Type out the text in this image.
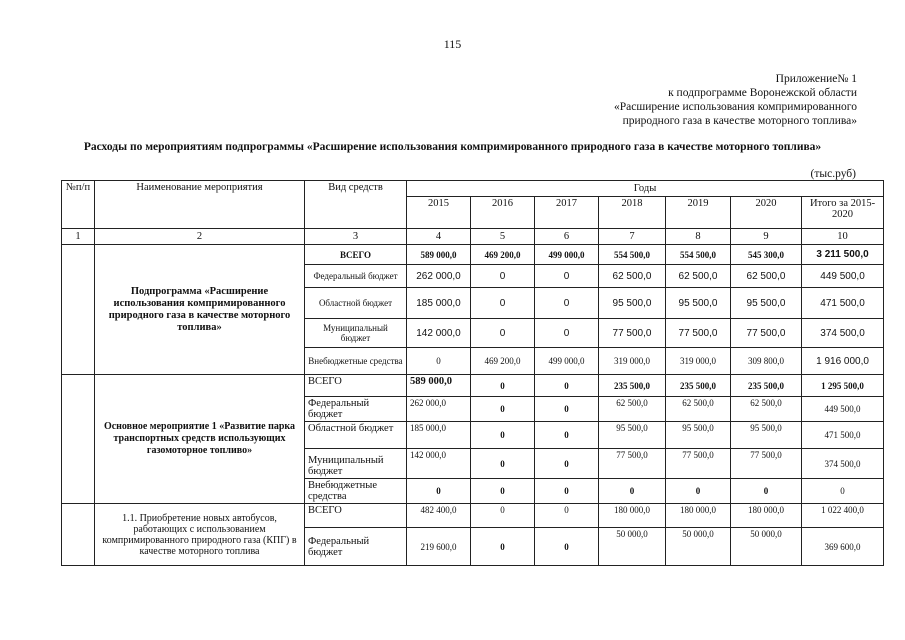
115
Приложение№ 1
к подпрограмме Воронежской области
«Расширение использования компримированного
природного газа в качестве моторного топлива»
Расходы по мероприятиям подпрограммы «Расширение использования компримированного природного газа в качестве моторного топлива»
(тыс.руб)
№п/п	Наименование мероприятия	Вид средств	Годы						
			2015	2016	2017	2018	2019	2020	Итого за 2015-2020
1	2	3	4	5	6	7	8	9	10
	Подпрограмма «Расширение использования компримированного природного газа в качестве моторного топлива»	ВСЕГО	589 000,0	469 200,0	499 000,0	554 500,0	554 500,0	545 300,0	3 211 500,0
		Федеральный бюджет	262 000,0	0	0	62 500,0	62 500,0	62 500,0	449 500,0
		Областной бюджет	185 000,0	0	0	95 500,0	95 500,0	95 500,0	471 500,0
		Муниципальный бюджет	142 000,0	0	0	77 500,0	77 500,0	77 500,0	374 500,0
		Внебюджетные средства	0	469 200,0	499 000,0	319 000,0	319 000,0	309 800,0	1 916 000,0
	Основное мероприятие 1 «Развитие парка транспортных средств использующих газомоторное топливо»	ВСЕГО	589 000,0	0	0	235 500,0	235 500,0	235 500,0	1 295 500,0
		Федеральный бюджет	262 000,0	0	0	62 500,0	62 500,0	62 500,0	449 500,0
		Областной бюджет	185 000,0	0	0	95 500,0	95 500,0	95 500,0	471 500,0
		Муниципальный бюджет	142 000,0	0	0	77 500,0	77 500,0	77 500,0	374 500,0
		Внебюджетные средства	0	0	0	0	0	0	0
	1.1. Приобретение новых автобусов, работающих с использованием компримированного природного газа (КПГ) в качестве моторного топлива	ВСЕГО	482 400,0	0	0	180 000,0	180 000,0	180 000,0	1 022 400,0
		Федеральный бюджет	219 600,0	0	0	50 000,0	50 000,0	50 000,0	369 600,0
